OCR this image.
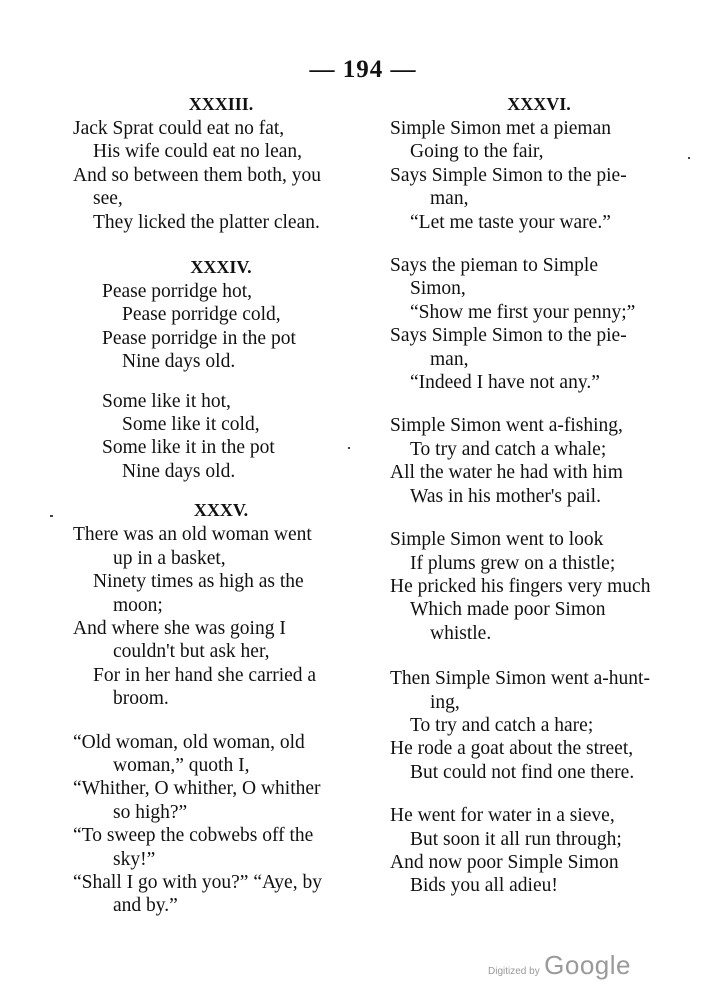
— 194 —
XXXIII.
Jack Sprat could eat no fat,
His wife could eat no lean,
And so between them both, you
see,
They licked the platter clean.
XXXIV.
Pease porridge hot,
Pease porridge cold,
Pease porridge in the pot
Nine days old.
Some like it hot,
Some like it cold,
Some like it in the pot
Nine days old.
XXXV.
There was an old woman went
up in a basket,
Ninety times as high as the
moon;
And where she was going I
couldn't but ask her,
For in her hand she carried a
broom.
“Old woman, old woman, old
woman,” quoth I,
“Whither, O whither, O whither
so high?”
“To sweep the cobwebs off the
sky!”
“Shall I go with you?” “Aye, by
and by.”
XXXVI.
Simple Simon met a pieman
Going to the fair,
Says Simple Simon to the pie-
man,
“Let me taste your ware.”
Says the pieman to Simple
Simon,
“Show me first your penny;”
Says Simple Simon to the pie-
man,
“Indeed I have not any.”
Simple Simon went a-fishing,
To try and catch a whale;
All the water he had with him
Was in his mother's pail.
Simple Simon went to look
If plums grew on a thistle;
He pricked his fingers very much
Which made poor Simon
whistle.
Then Simple Simon went a-hunt-
ing,
To try and catch a hare;
He rode a goat about the street,
But could not find one there.
He went for water in a sieve,
But soon it all run through;
And now poor Simple Simon
Bids you all adieu!
Digitized by Google
